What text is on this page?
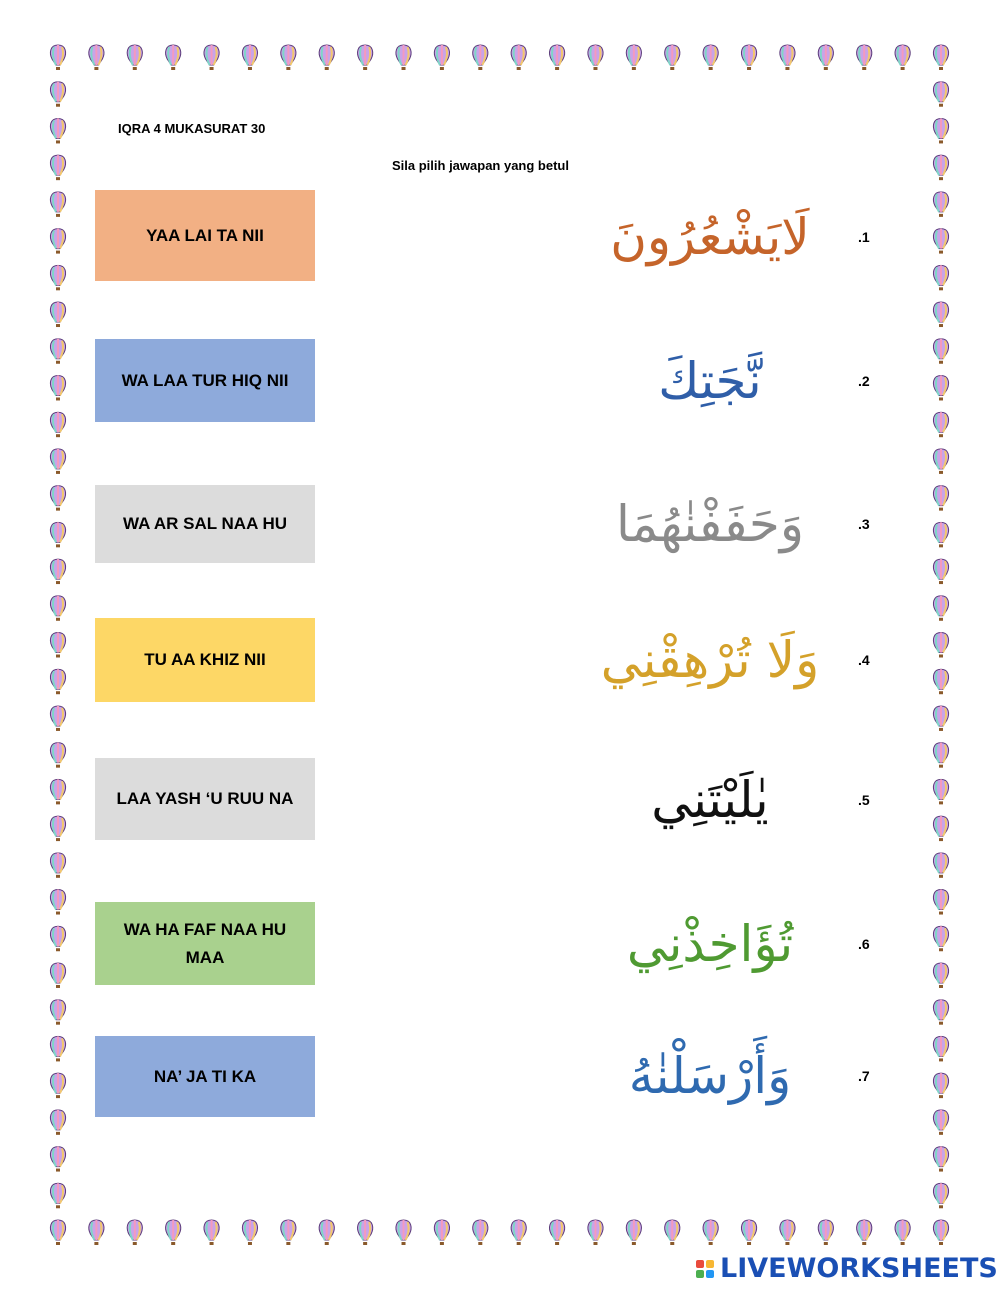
IQRA 4 MUKASURAT 30
Sila pilih jawapan yang betul
YAA LAI TA NII
WA LAA TUR HIQ NII
WA AR SAL NAA HU
TU AA KHIZ NII
LAA YASH ‘U RUU NA
WA HA FAF NAA HU MAA
NA’ JA TI KA
لَايَشْعُرُونَ
نَّجَتِكَ
وَحَفَفْنٰهُمَا
وَلَا تُرْهِقْنِي
يٰلَيْتَنِي
تُؤَاخِذْنِي
وَأَرْسَلْنٰهُ
.1
.2
.3
.4
.5
.6
.7
LIVEWORKSHEETS
